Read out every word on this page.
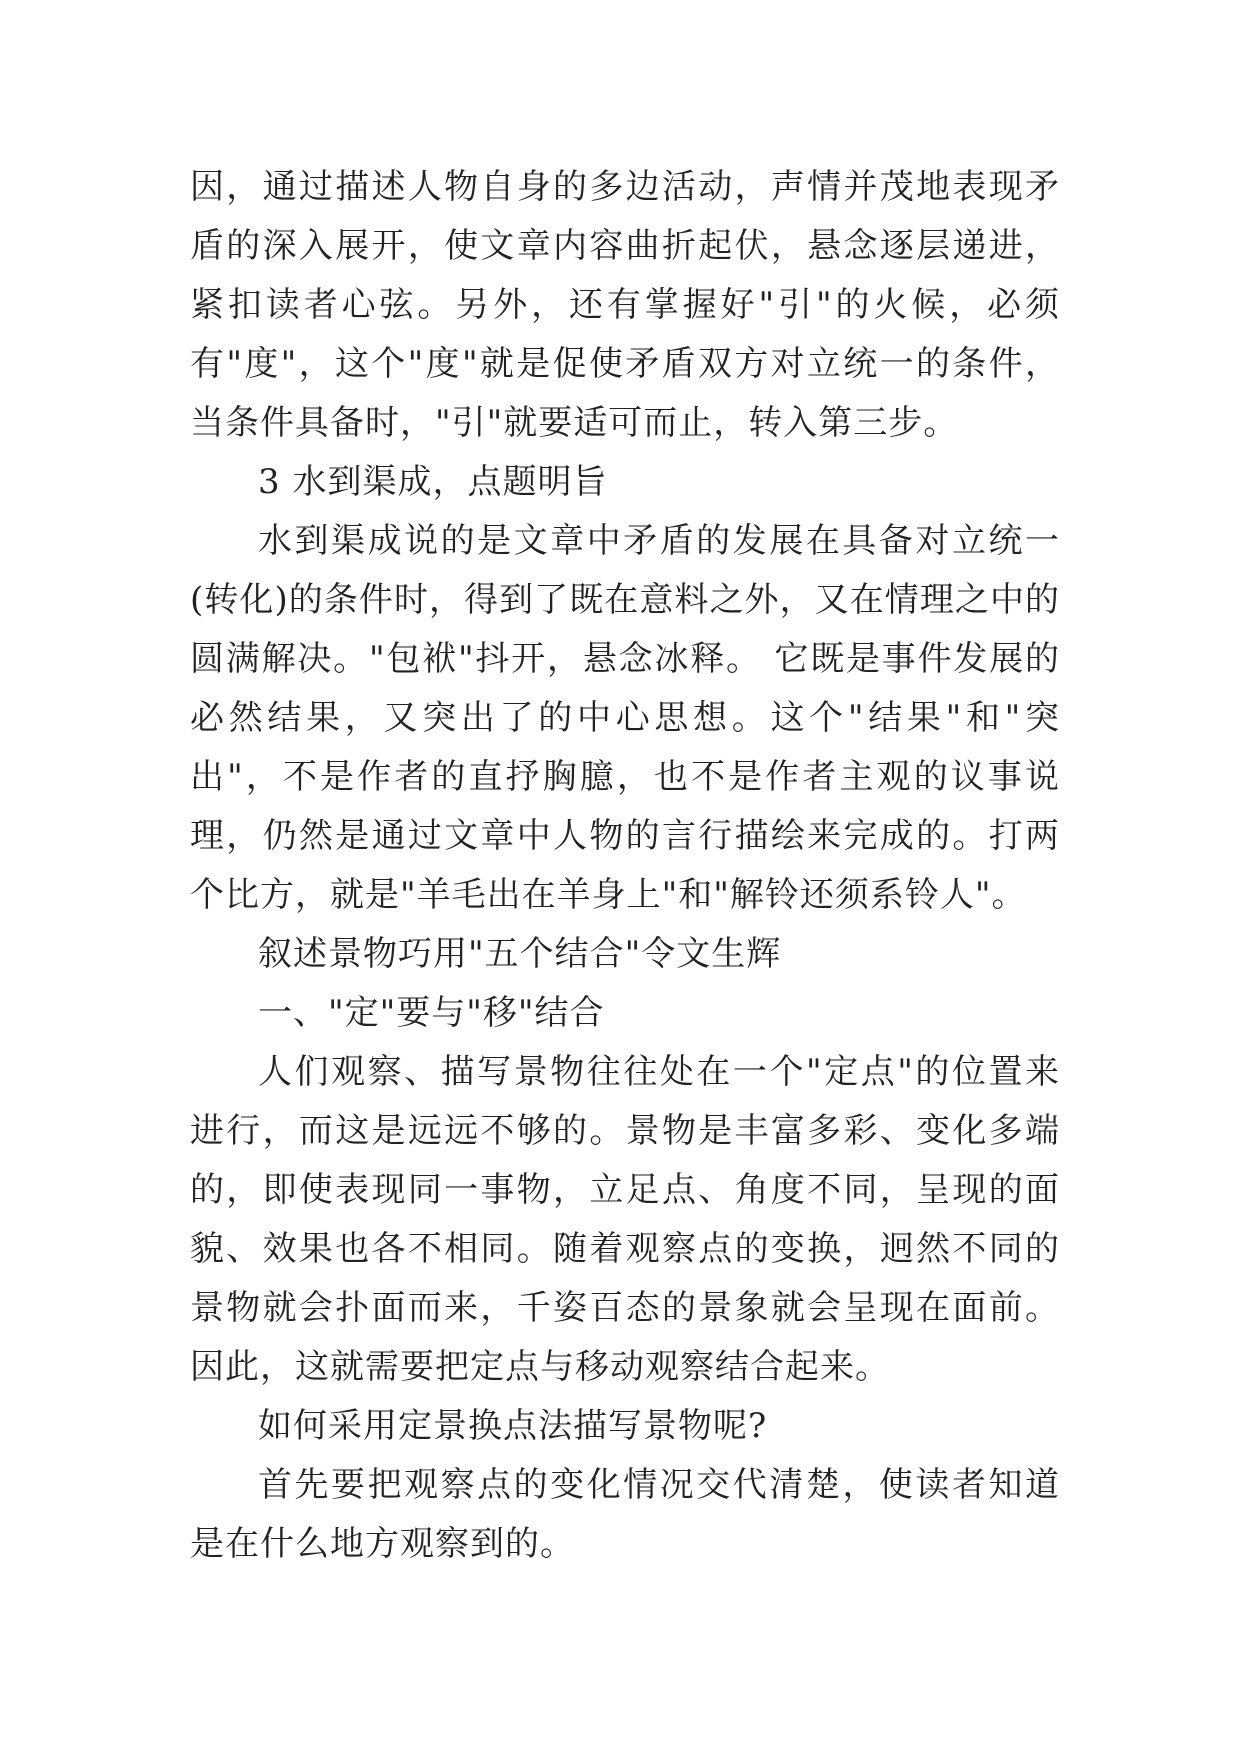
因，通过描述人物自身的多边活动，声情并茂地表现矛盾的深入展开，使文章内容曲折起伏，悬念逐层递进，紧扣读者心弦。另外，还有掌握好"引"的火候，必须有"度"，这个"度"就是促使矛盾双方对立统一的条件，当条件具备时，"引"就要适可而止，转入第三步。

3 水到渠成，点题明旨

水到渠成说的是文章中矛盾的发展在具备对立统一(转化)的条件时，得到了既在意料之外，又在情理之中的圆满解决。"包袱"抖开，悬念冰释。 它既是事件发展的必然结果，又突出了的中心思想。这个"结果"和"突出"，不是作者的直抒胸臆，也不是作者主观的议事说理，仍然是通过文章中人物的言行描绘来完成的。打两个比方，就是"羊毛出在羊身上"和"解铃还须系铃人"。

叙述景物巧用"五个结合"令文生辉

一、"定"要与"移"结合

人们观察、描写景物往往处在一个"定点"的位置来进行，而这是远远不够的。景物是丰富多彩、变化多端的，即使表现同一事物，立足点、角度不同，呈现的面貌、效果也各不相同。随着观察点的变换，迥然不同的景物就会扑面而来，千姿百态的景象就会呈现在面前。因此，这就需要把定点与移动观察结合起来。

如何采用定景换点法描写景物呢?

首先要把观察点的变化情况交代清楚，使读者知道是在什么地方观察到的。
